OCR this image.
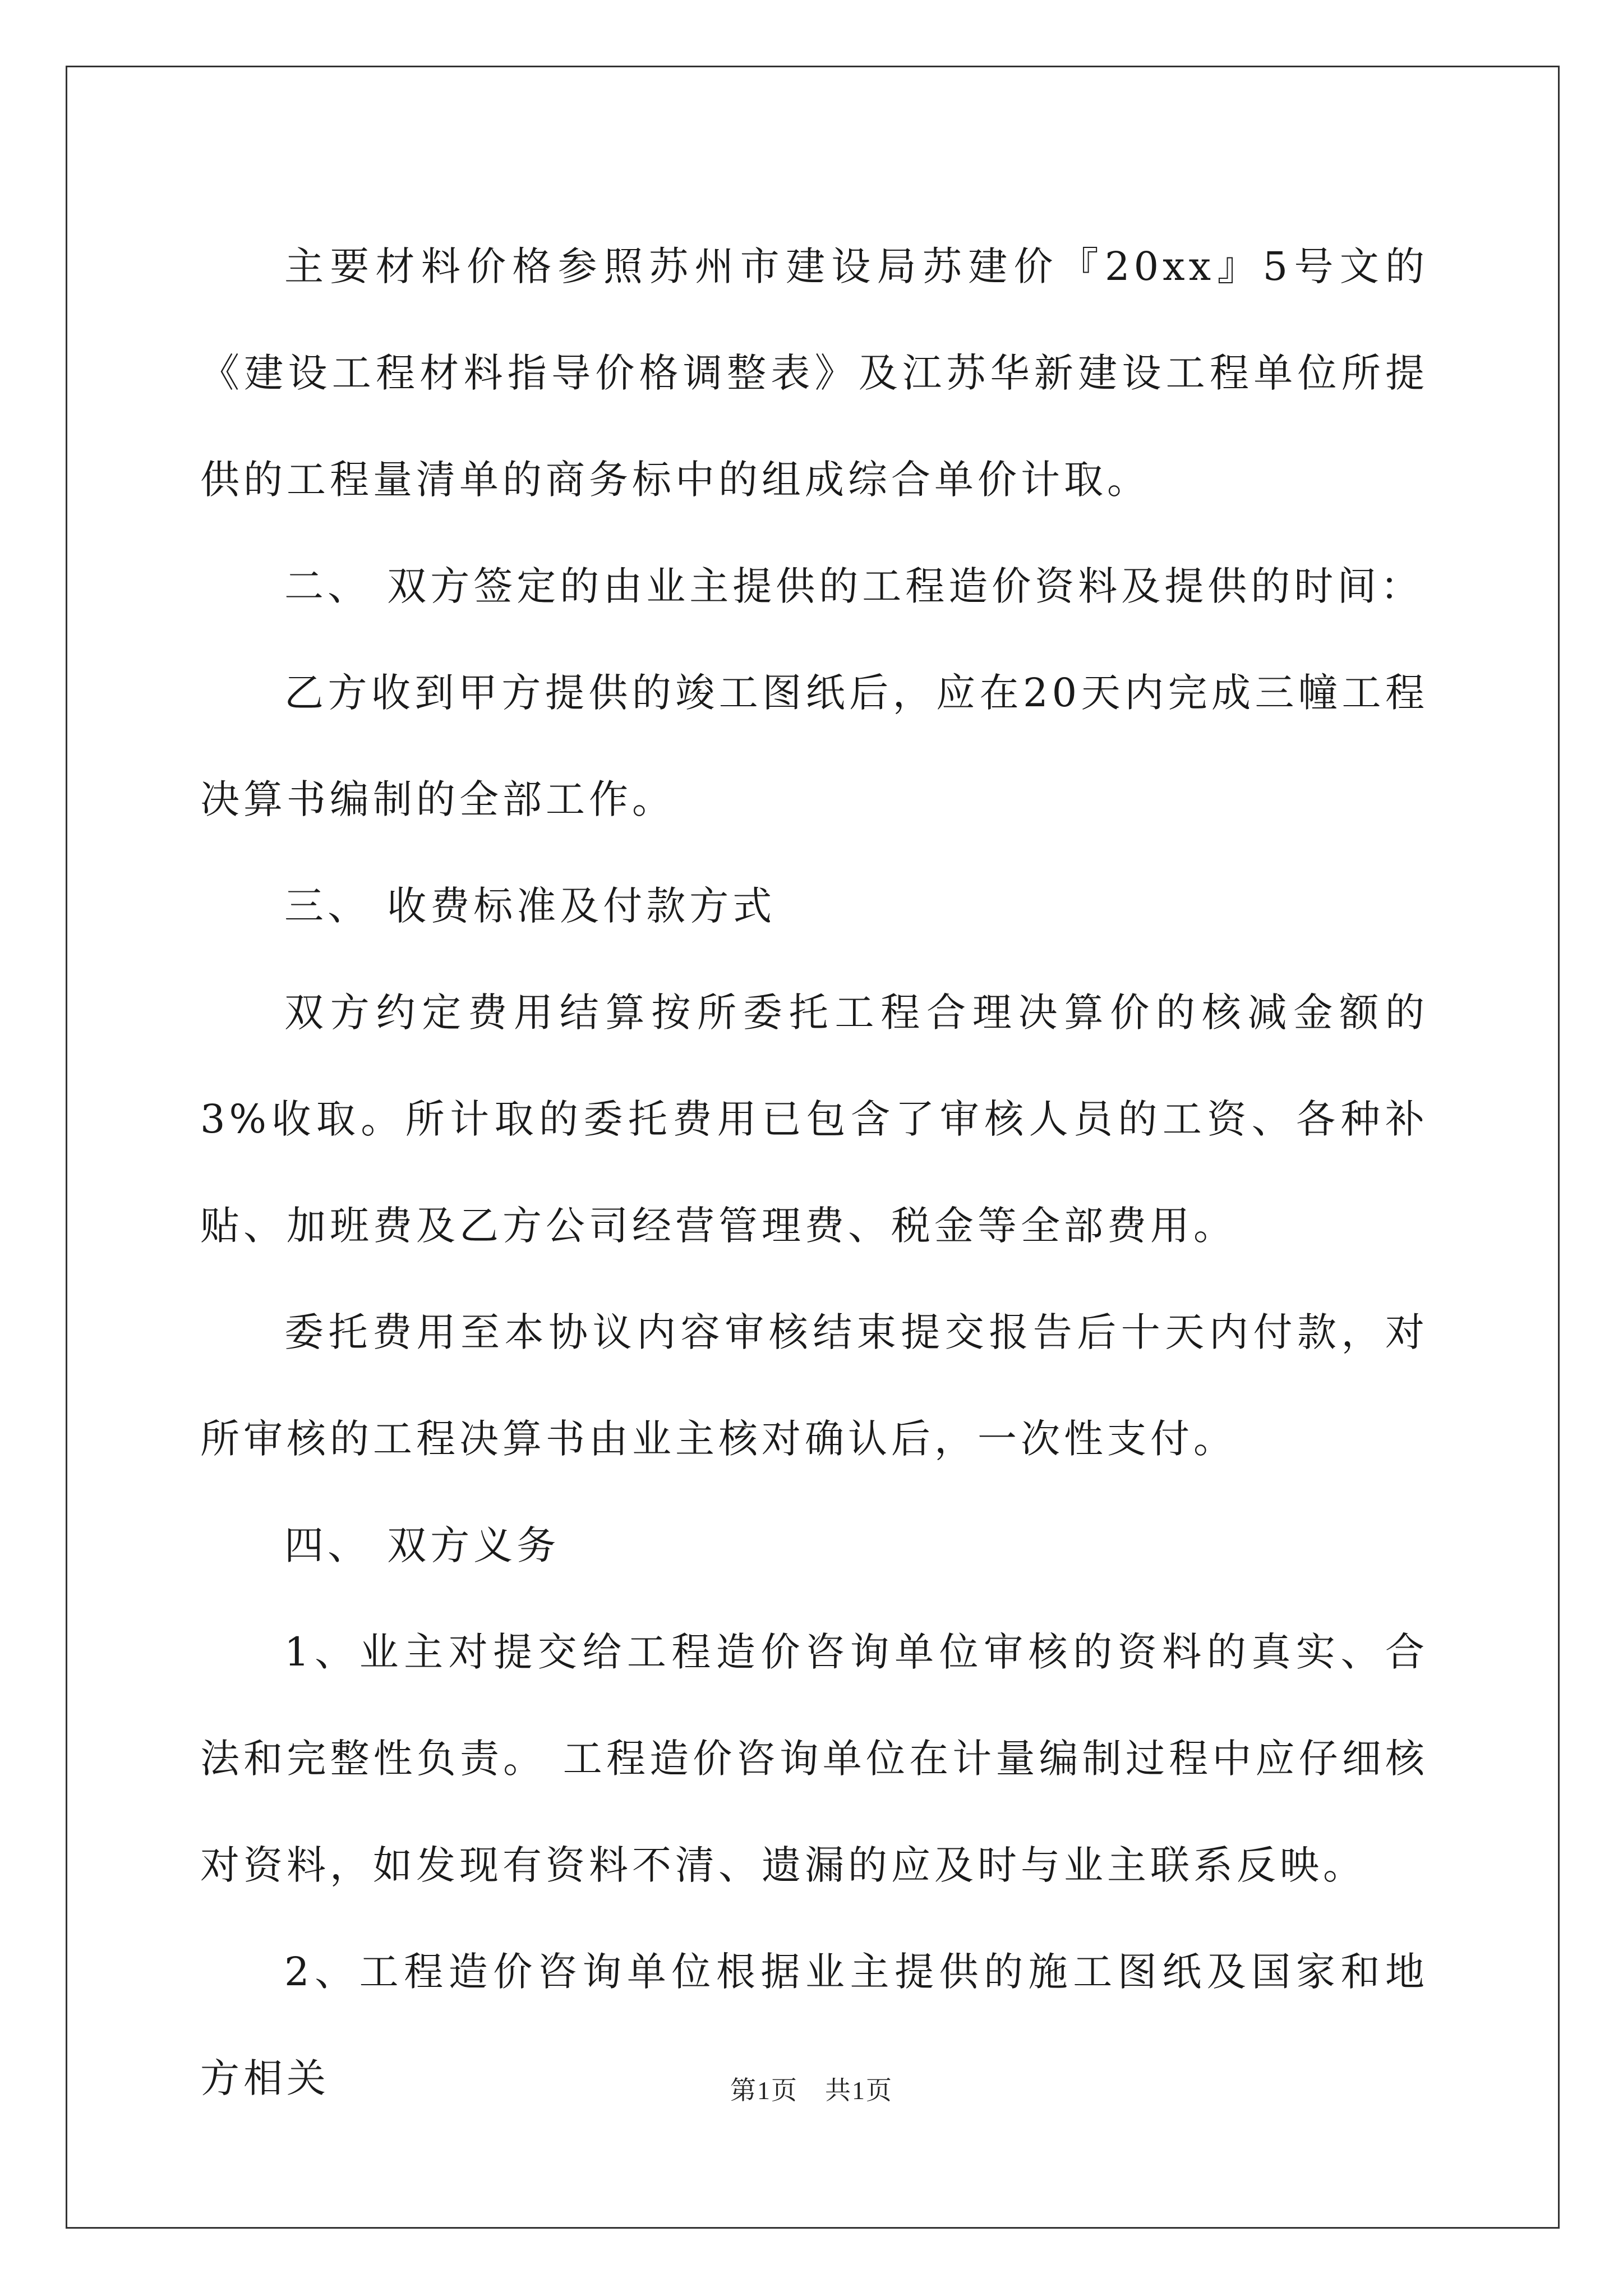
主要材料价格参照苏州市建设局苏建价『20xx』5号文的《建设工程材料指导价格调整表》及江苏华新建设工程单位所提供的工程量清单的商务标中的组成综合单价计取。

二、 双方签定的由业主提供的工程造价资料及提供的时间：

乙方收到甲方提供的竣工图纸后，应在20天内完成三幢工程决算书编制的全部工作。

三、 收费标准及付款方式

双方约定费用结算按所委托工程合理决算价的核减金额的3%收取。所计取的委托费用已包含了审核人员的工资、各种补贴、加班费及乙方公司经营管理费、税金等全部费用。

委托费用至本协议内容审核结束提交报告后十天内付款，对所审核的工程决算书由业主核对确认后，一次性支付。

四、 双方义务

1、业主对提交给工程造价咨询单位审核的资料的真实、合法和完整性负责。 工程造价咨询单位在计量编制过程中应仔细核对资料，如发现有资料不清、遗漏的应及时与业主联系反映。

2、工程造价咨询单位根据业主提供的施工图纸及国家和地方相关	第1页　共1页
